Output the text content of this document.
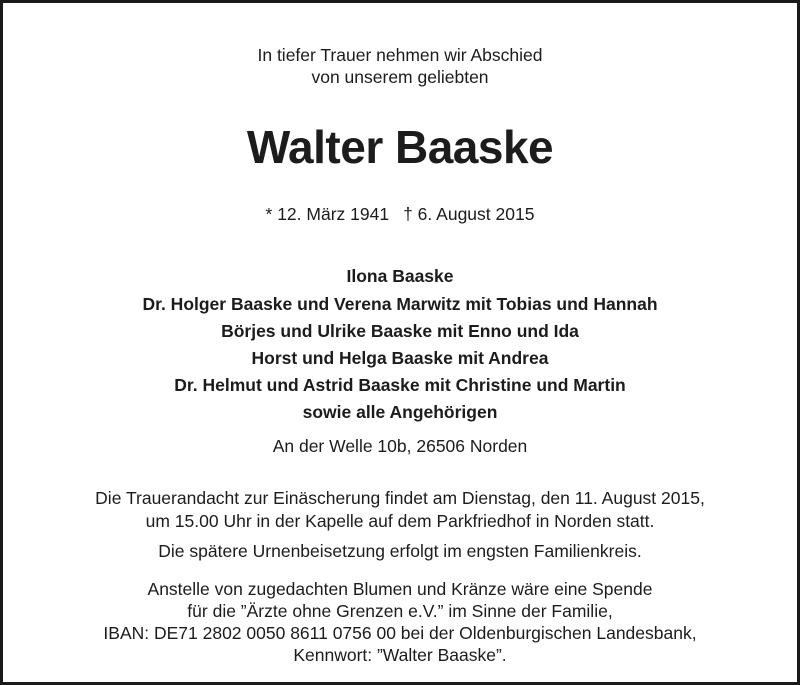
In tiefer Trauer nehmen wir Abschied
von unserem geliebten
Walter Baaske
* 12. März 1941 † 6. August 2015
Ilona Baaske
Dr. Holger Baaske und Verena Marwitz mit Tobias und Hannah
Börjes und Ulrike Baaske mit Enno und Ida
Horst und Helga Baaske mit Andrea
Dr. Helmut und Astrid Baaske mit Christine und Martin
sowie alle Angehörigen
An der Welle 10b, 26506 Norden
Die Trauerandacht zur Einäscherung findet am Dienstag, den 11. August 2015,
um 15.00 Uhr in der Kapelle auf dem Parkfriedhof in Norden statt.
Die spätere Urnenbeisetzung erfolgt im engsten Familienkreis.
Anstelle von zugedachten Blumen und Kränze wäre eine Spende
für die ”Ärzte ohne Grenzen e.V.” im Sinne der Familie,
IBAN: DE71 2802 0050 8611 0756 00 bei der Oldenburgischen Landesbank,
Kennwort: ”Walter Baaske”.
